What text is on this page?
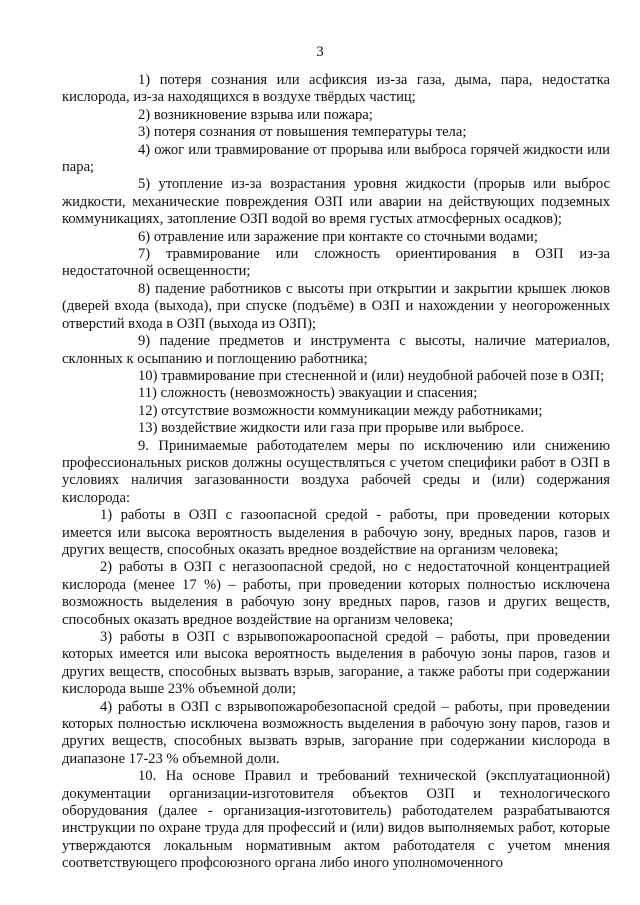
3

1) потеря сознания или асфиксия из-за газа, дыма, пара, недостатка кислорода, из-за находящихся в воздухе твёрдых частиц;

2) возникновение взрыва или пожара;

3) потеря сознания от повышения температуры тела;

4) ожог или травмирование от прорыва или выброса горячей жидкости или пара;

5) утопление из-за возрастания уровня жидкости (прорыв или выброс жидкости, механические повреждения ОЗП или аварии на действующих подземных коммуникациях, затопление ОЗП водой во время густых атмосферных осадков);

6) отравление или заражение при контакте со сточными водами;

7) травмирование или сложность ориентирования в ОЗП из-за недостаточной освещенности;

8) падение работников с высоты при открытии и закрытии крышек люков (дверей входа (выхода), при спуске (подъёме) в ОЗП и нахождении у неогороженных отверстий входа в ОЗП (выхода из ОЗП);

9) падение предметов и инструмента с высоты, наличие материалов, склонных к осыпанию и поглощению работника;

10) травмирование при стесненной и (или) неудобной рабочей позе в ОЗП;

11) сложность (невозможность) эвакуации и спасения;

12) отсутствие возможности коммуникации между работниками;

13) воздействие жидкости или газа при прорыве или выбросе.

9. Принимаемые работодателем меры по исключению или снижению профессиональных рисков должны осуществляться с учетом специфики работ в ОЗП в условиях наличия загазованности воздуха рабочей среды и (или) содержания кислорода:

1) работы в ОЗП с газоопасной средой - работы, при проведении которых имеется или высока вероятность выделения в рабочую зону, вредных паров, газов и других веществ, способных оказать вредное воздействие на организм человека;

2) работы в ОЗП с негазоопасной средой, но с недостаточной концентрацией кислорода (менее 17 %) – работы, при проведении которых полностью исключена возможность выделения в рабочую зону вредных паров, газов и других веществ, способных оказать вредное воздействие на организм человека;

3) работы в ОЗП с взрывопожароопасной средой – работы, при проведении которых имеется или высока вероятность выделения в рабочую зоны паров, газов и других веществ, способных вызвать взрыв, загорание, а также работы при содержании кислорода выше 23% объемной доли;

4) работы в ОЗП с взрывопожаробезопасной средой – работы, при проведении которых полностью исключена возможность выделения в рабочую зону паров, газов и других веществ, способных вызвать взрыв, загорание при содержании кислорода в диапазоне 17-23 % объемной доли.

10. На основе Правил и требований технической (эксплуатационной) документации организации-изготовителя объектов ОЗП и технологического оборудования (далее - организация-изготовитель) работодателем разрабатываются инструкции по охране труда для профессий и (или) видов выполняемых работ, которые утверждаются локальным нормативным актом работодателя с учетом мнения соответствующего профсоюзного органа либо иного уполномоченного
